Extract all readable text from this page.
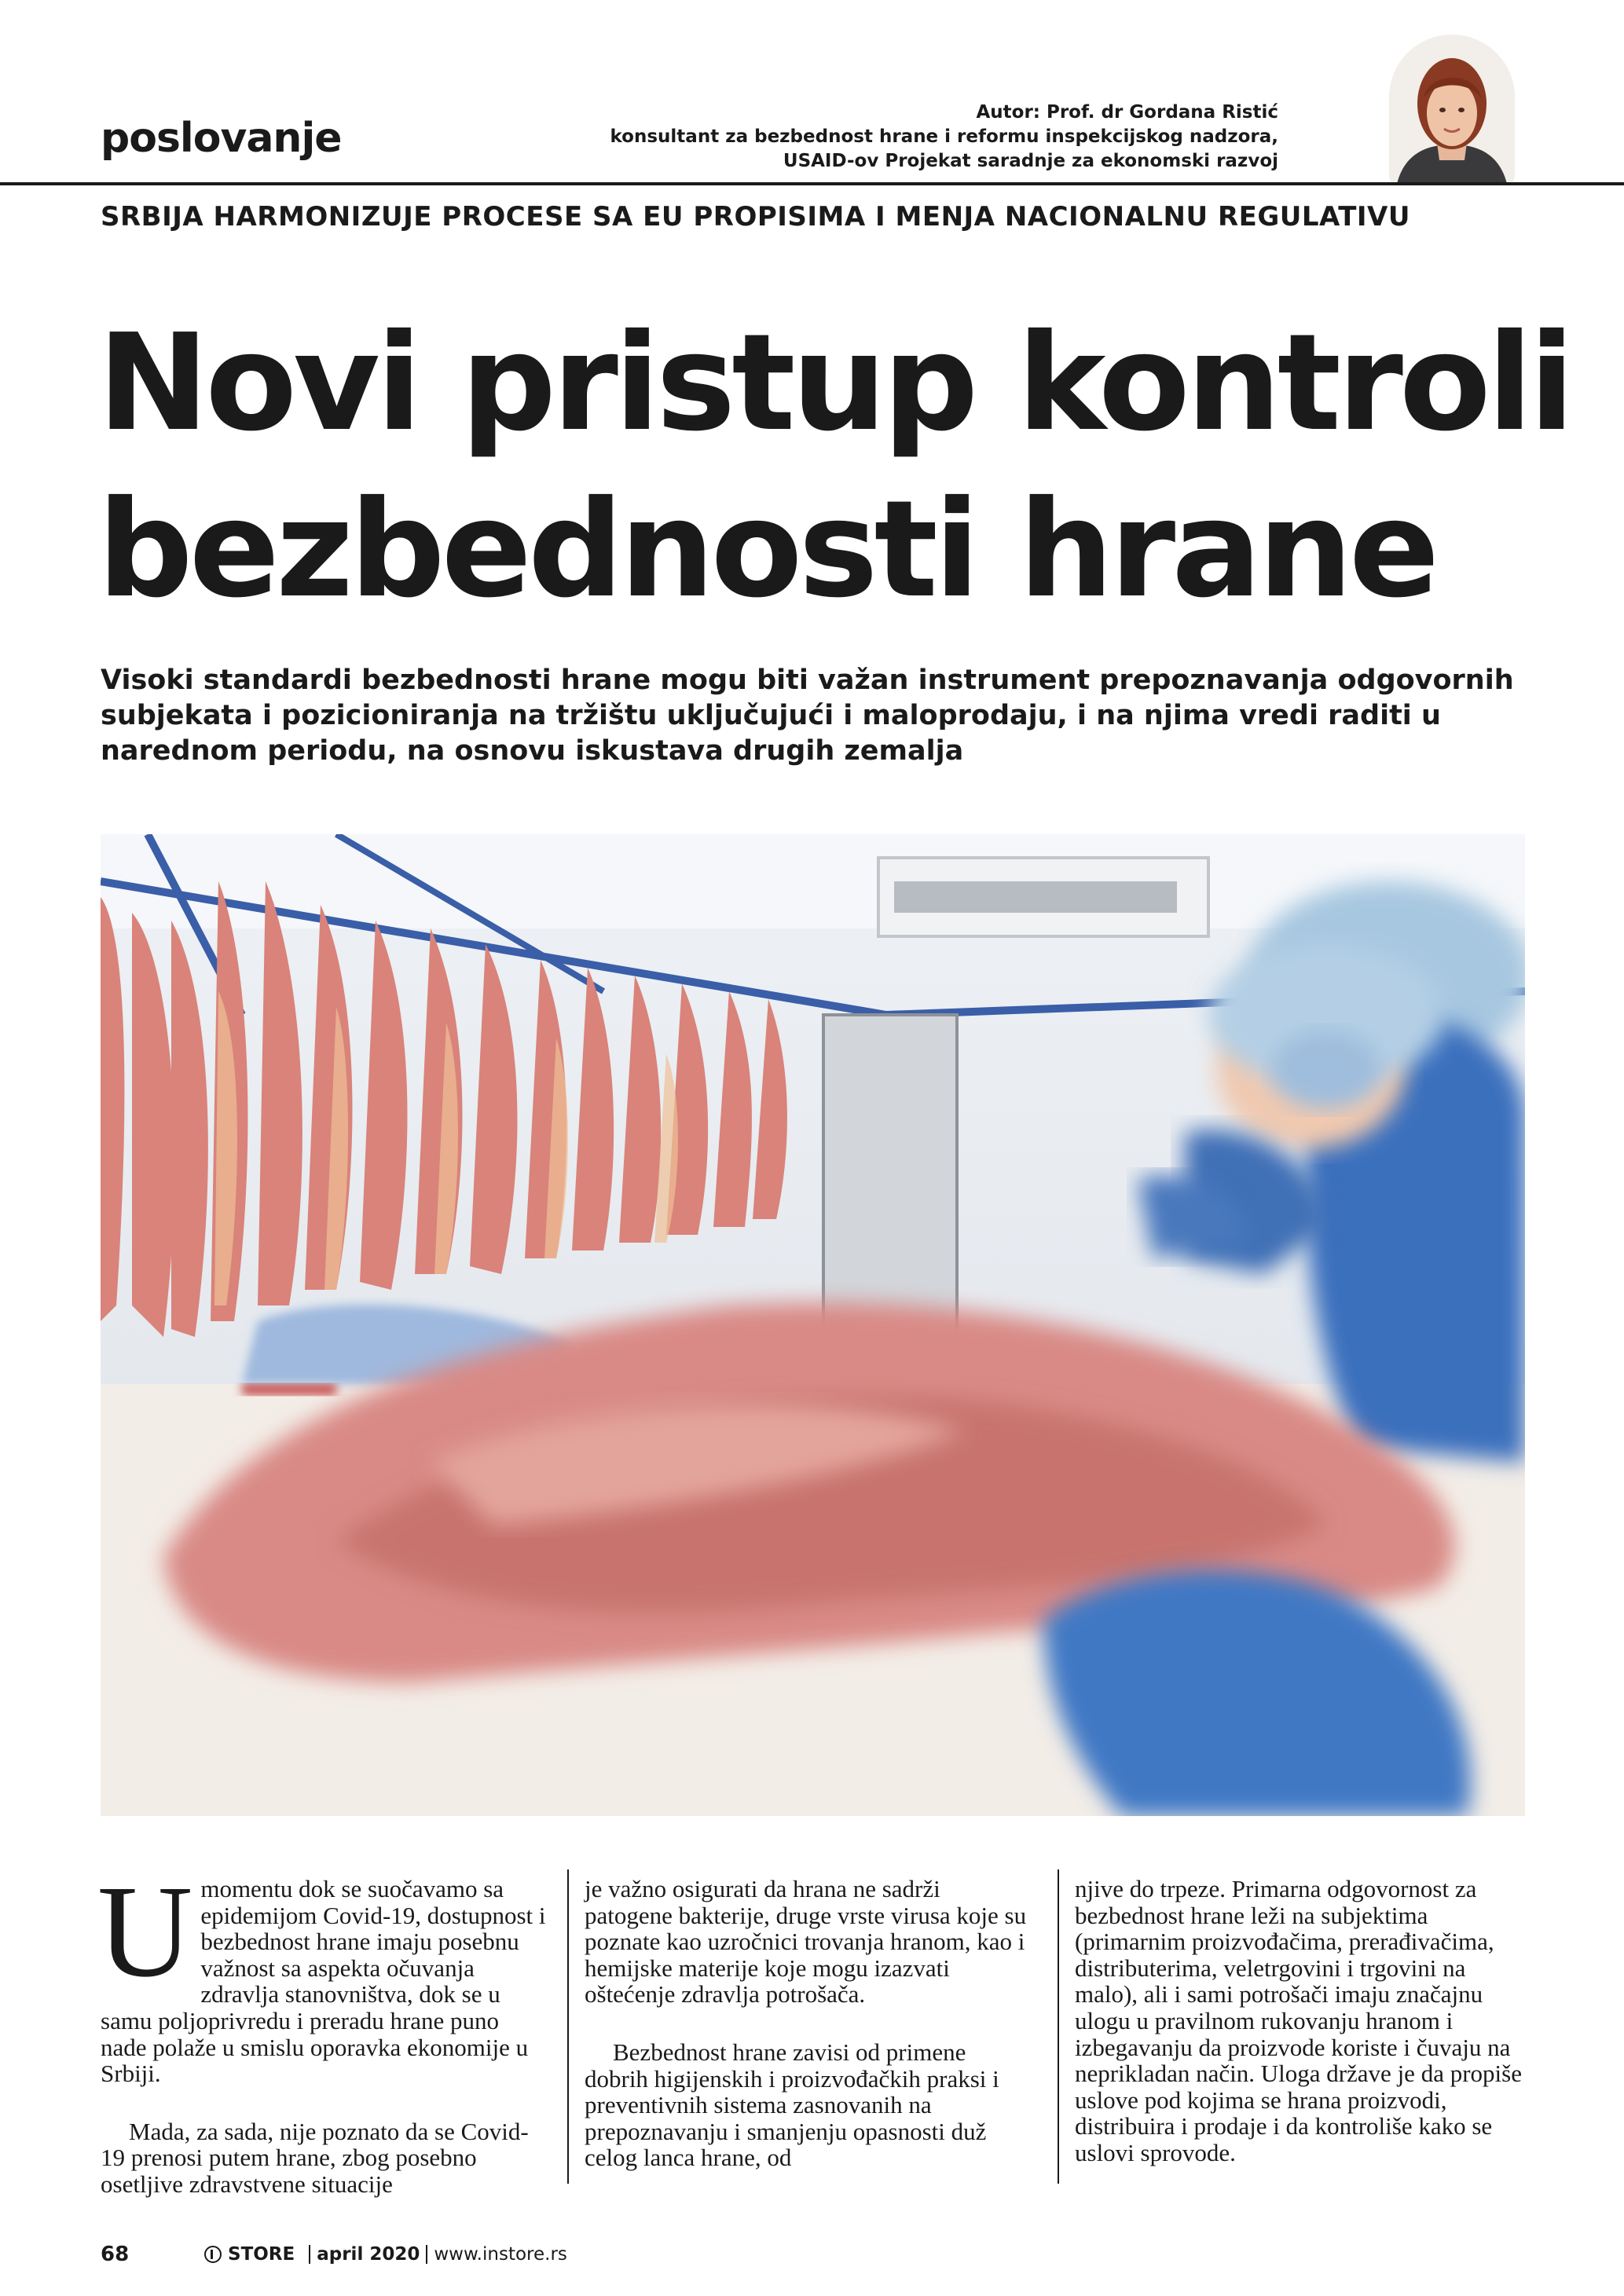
poslovanje
Autor: Prof. dr Gordana Ristić
konsultant za bezbednost hrane i reformu inspekcijskog nadzora,
USAID-ov Projekat saradnje za ekonomski razvoj
SRBIJA HARMONIZUJE PROCESE SA EU PROPISIMA I MENJA NACIONALNU REGULATIVU
Novi pristup kontroli
bezbednosti hrane

Visoki standardi bezbednosti hrane mogu biti važan instrument prepoznavanja odgovornih subjekata i pozicioniranja na tržištu uključujući i maloprodaju, i na njima vredi raditi u narednom periodu, na osnovu iskustava drugih zemalja

U momentu dok se suočavamo sa epidemijom Covid-19, dostupnost i bezbednost hrane imaju posebnu važnost sa aspekta očuvanja zdravlja stanovništva, dok se u samu poljoprivredu i preradu hrane puno nade polaže u smislu oporavka ekonomije u Srbiji.

Mada, za sada, nije poznato da se Covid-19 prenosi putem hrane, zbog posebno osetljive zdravstvene situacije

je važno osigurati da hrana ne sadrži patogene bakterije, druge vrste virusa koje su poznate kao uzročnici trovanja hranom, kao i hemijske materije koje mogu izazvati oštećenje zdravlja potrošača.

Bezbednost hrane zavisi od primene dobrih higijenskih i proizvođačkih praksi i preventivnih sistema zasnovanih na prepoznavanju i smanjenju opasnosti duž celog lanca hrane, od

njive do trpeze. Primarna odgovornost za bezbednost hrane leži na subjektima (primarnim proizvođačima, prerađivačima, distributerima, veletrgovini i trgovini na malo), ali i sami potrošači imaju značajnu ulogu u pravilnom rukovanju hranom i izbegavanju da proizvode koriste i čuvaju na neprikladan način. Uloga države je da propiše uslove pod kojima se hrana proizvodi, distribuira i prodaje i da kontroliše kako se uslovi sprovode.

68	STORE april 2020 www.instore.rs
